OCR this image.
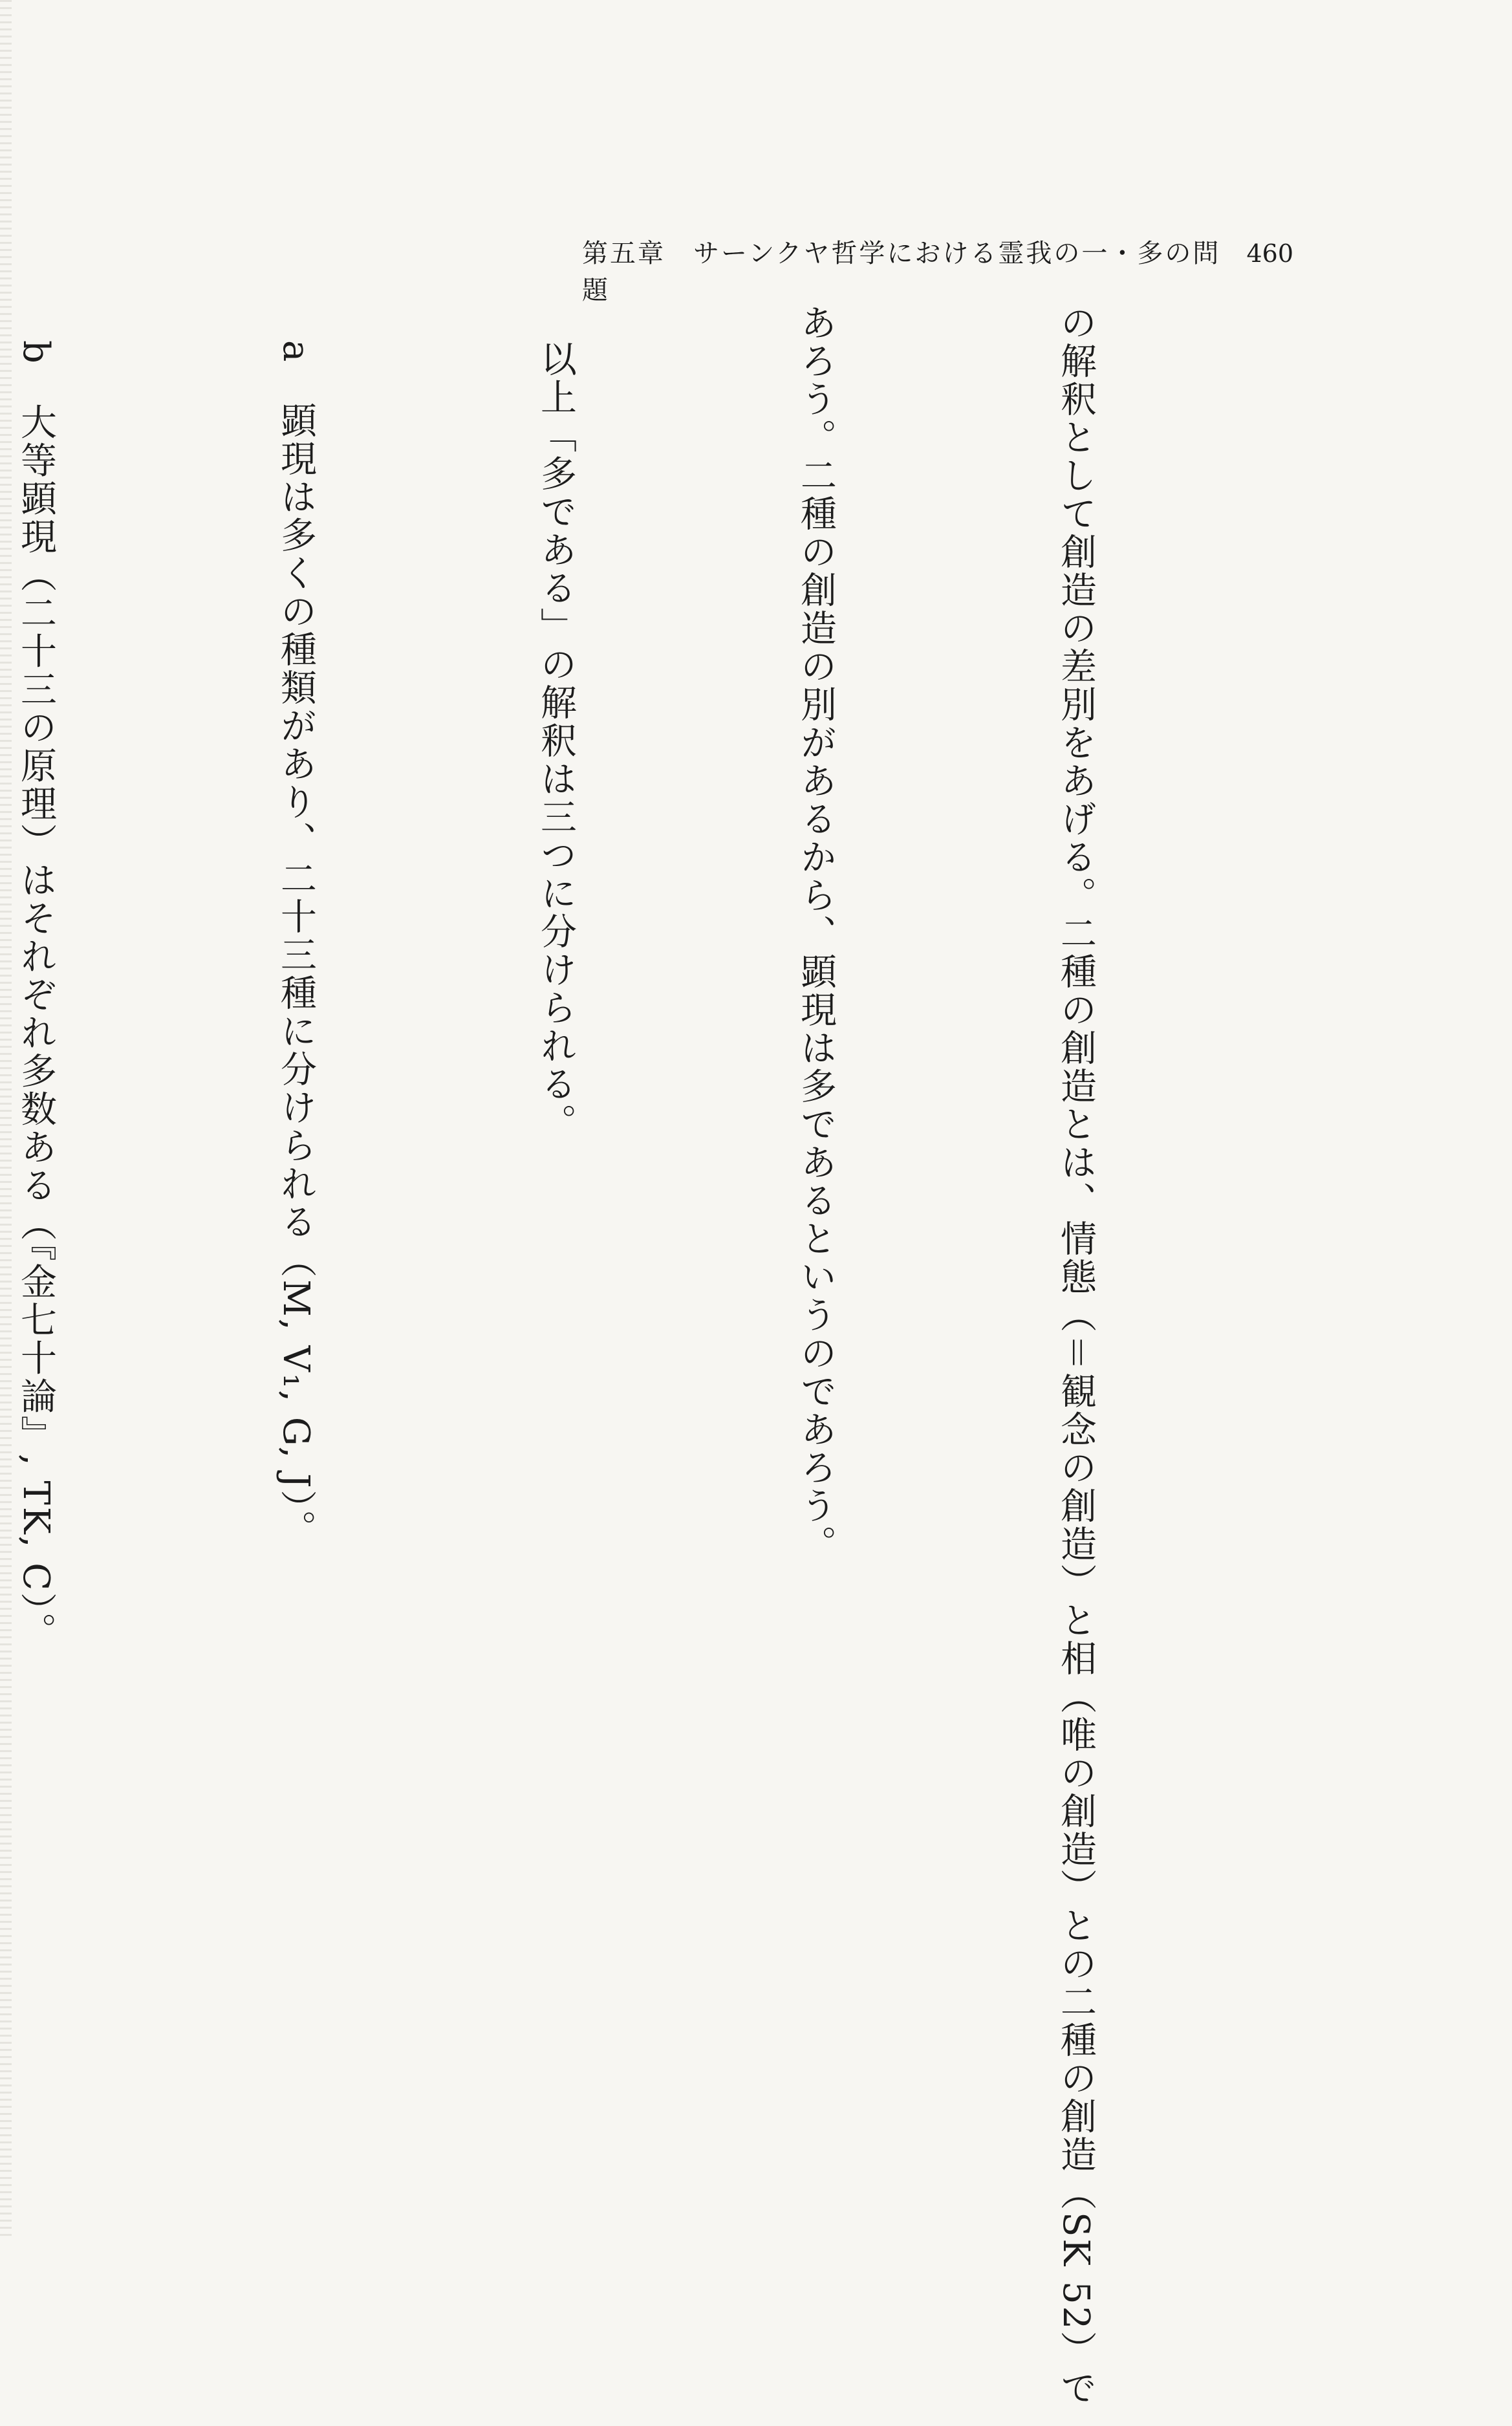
第五章　サーンクヤ哲学における霊我の一・多の問題
460

の解釈として創造の差別をあげる。二種の創造とは、情態（＝観念の創造）と相（唯の創造）との二種の創造（SK 52）で

あろう。二種の創造の別があるから、顕現は多であるというのであろう。

以上「多である」の解釈は三つに分けられる。

a　顕現は多くの種類があり、二十三種に分けられる（M, V₁, G, J）。

b　大等顕現（二十三の原理）はそれぞれ多数ある（『金七十論』, TK, C）。
